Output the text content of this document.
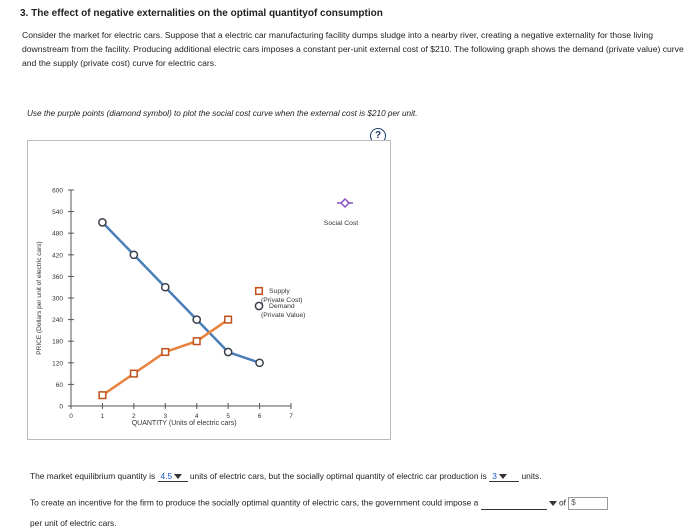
3. The effect of negative externalities on the optimal quantityof consumption
Consider the market for electric cars. Suppose that a electric car manufacturing facility dumps sludge into a nearby river, creating a negative externality for those living downstream from the facility. Producing additional electric cars imposes a constant per-unit external cost of $210. The following graph shows the demand (private value) curve and the supply (private cost) curve for electric cars.
Use the purple points (diamond symbol) to plot the social cost curve when the external cost is $210 per unit.
?
600
540
480
420
360
300
240
180
120
60
0
0	1	2	3	4	5	6	7
PRICE (Dollars per unit of electric cars)
QUANTITY (Units of electric cars)
Demand
(Private Value)
Supply
(Private Cost)
Social Cost
The market equilibrium quantity is 4.5 units of electric cars, but the socially optimal quantity of electric car production is 3	units.
To create an incentive for the firm to produce the socially optimal quantity of electric cars, the government could impose a	of $
per unit of electric cars.
